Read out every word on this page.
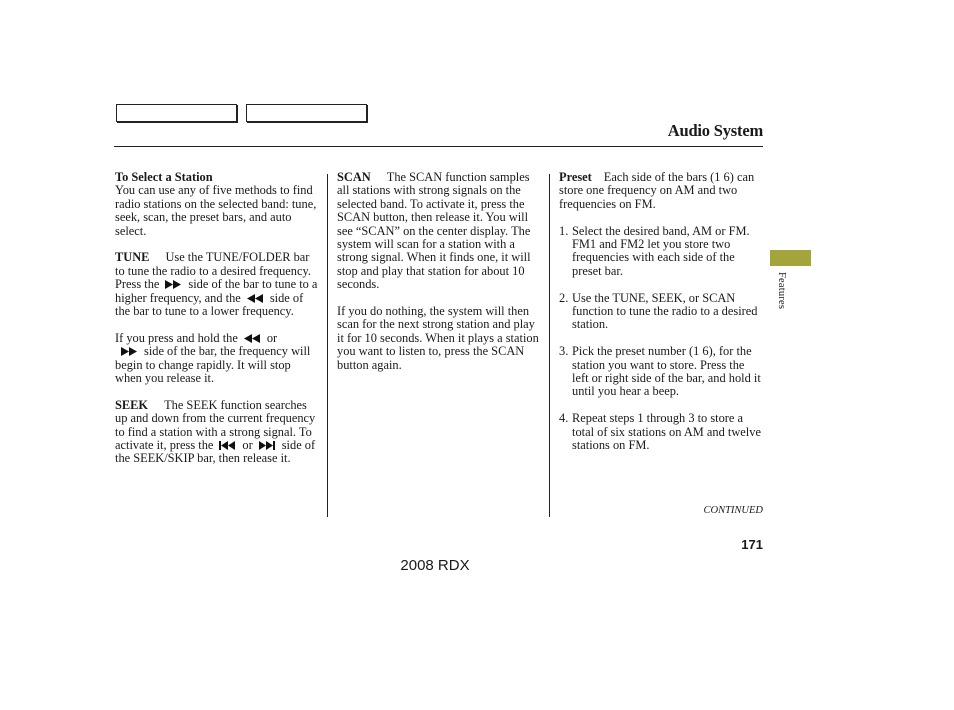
Audio System
Features

To Select a Station
You can use any of five methods to find radio stations on the selected band: tune, seek, scan, the preset bars, and auto select.

TUNE Use the TUNE/FOLDER bar to tune the radio to a desired frequency. Press the side of the bar to tune to a higher frequency, and the side of the bar to tune to a lower frequency.

If you press and hold the or

side of the bar, the frequency will begin to change rapidly. It will stop when you release it.

SEEK The SEEK function searches up and down from the current frequency to find a station with a strong signal. To activate it, press the or side of the SEEK/SKIP bar, then release it.

SCAN The SCAN function samples all stations with strong signals on the selected band. To activate it, press the SCAN button, then release it. You will see “SCAN” on the center display. The system will scan for a station with a strong signal. When it finds one, it will stop and play that station for about 10 seconds.

If you do nothing, the system will then scan for the next strong station and play it for 10 seconds. When it plays a station you want to listen to, press the SCAN button again.

Preset Each side of the bars (1 6) can store one frequency on AM and two frequencies on FM.

1. Select the desired band, AM or FM. FM1 and FM2 let you store two frequencies with each side of the preset bar.
2. Use the TUNE, SEEK, or SCAN function to tune the radio to a desired station.
3. Pick the preset number (1 6), for the station you want to store. Press the left or right side of the bar, and hold it until you hear a beep.
4. Repeat steps 1 through 3 to store a total of six stations on AM and twelve stations on FM.
CONTINUED
171
2008 RDX
